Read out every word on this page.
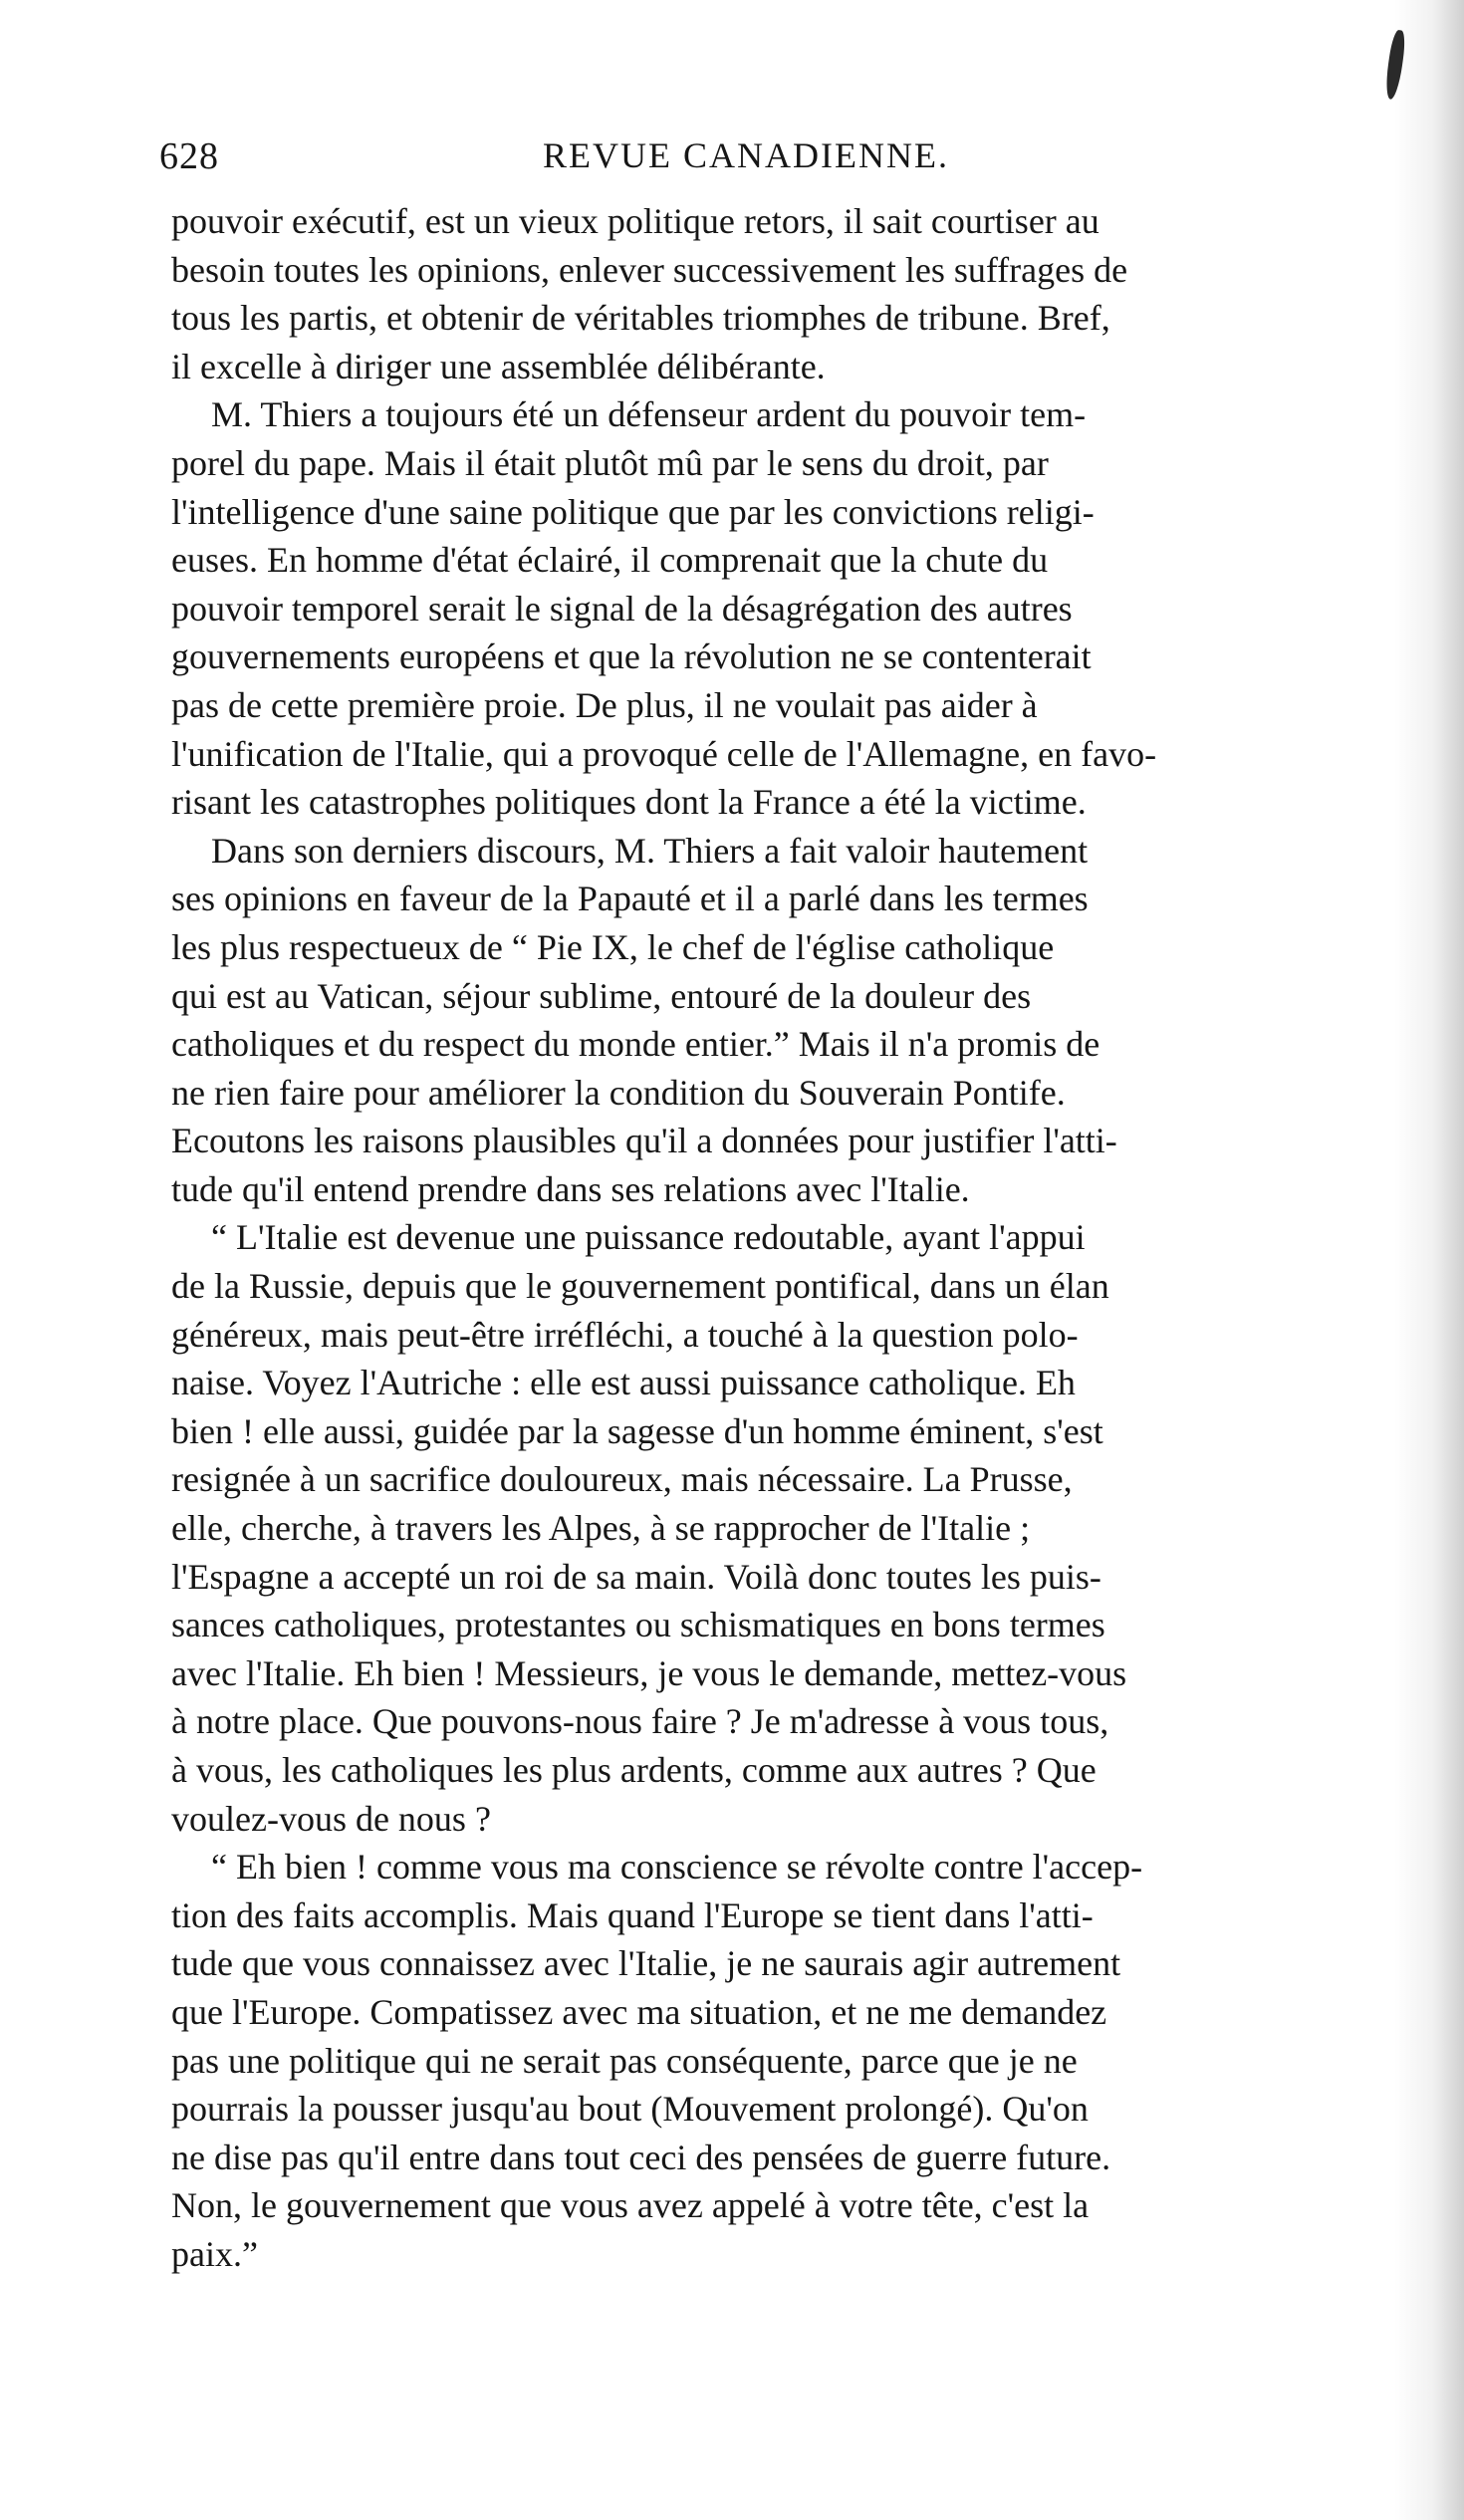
628	REVUE CANADIENNE.
pouvoir exécutif, est un vieux politique retors, il sait courtiser au
besoin toutes les opinions, enlever successivement les suffrages de
tous les partis, et obtenir de véritables triomphes de tribune. Bref,
il excelle à diriger une assemblée délibérante.
M. Thiers a toujours été un défenseur ardent du pouvoir tem-
porel du pape. Mais il était plutôt mû par le sens du droit, par
l'intelligence d'une saine politique que par les convictions religi-
euses. En homme d'état éclairé, il comprenait que la chute du
pouvoir temporel serait le signal de la désagrégation des autres
gouvernements européens et que la révolution ne se contenterait
pas de cette première proie. De plus, il ne voulait pas aider à
l'unification de l'Italie, qui a provoqué celle de l'Allemagne, en favo-
risant les catastrophes politiques dont la France a été la victime.
Dans son derniers discours, M. Thiers a fait valoir hautement
ses opinions en faveur de la Papauté et il a parlé dans les termes
les plus respectueux de “ Pie IX, le chef de l'église catholique
qui est au Vatican, séjour sublime, entouré de la douleur des
catholiques et du respect du monde entier.” Mais il n'a promis de
ne rien faire pour améliorer la condition du Souverain Pontife.
Ecoutons les raisons plausibles qu'il a données pour justifier l'atti-
tude qu'il entend prendre dans ses relations avec l'Italie.
“ L'Italie est devenue une puissance redoutable, ayant l'appui
de la Russie, depuis que le gouvernement pontifical, dans un élan
généreux, mais peut-être irréfléchi, a touché à la question polo-
naise. Voyez l'Autriche : elle est aussi puissance catholique. Eh
bien ! elle aussi, guidée par la sagesse d'un homme éminent, s'est
resignée à un sacrifice douloureux, mais nécessaire. La Prusse,
elle, cherche, à travers les Alpes, à se rapprocher de l'Italie ;
l'Espagne a accepté un roi de sa main. Voilà donc toutes les puis-
sances catholiques, protestantes ou schismatiques en bons termes
avec l'Italie. Eh bien ! Messieurs, je vous le demande, mettez-vous
à notre place. Que pouvons-nous faire ? Je m'adresse à vous tous,
à vous, les catholiques les plus ardents, comme aux autres ? Que
voulez-vous de nous ?
“ Eh bien ! comme vous ma conscience se révolte contre l'accep-
tion des faits accomplis. Mais quand l'Europe se tient dans l'atti-
tude que vous connaissez avec l'Italie, je ne saurais agir autrement
que l'Europe. Compatissez avec ma situation, et ne me demandez
pas une politique qui ne serait pas conséquente, parce que je ne
pourrais la pousser jusqu'au bout (Mouvement prolongé). Qu'on
ne dise pas qu'il entre dans tout ceci des pensées de guerre future.
Non, le gouvernement que vous avez appelé à votre tête, c'est la
paix.”
